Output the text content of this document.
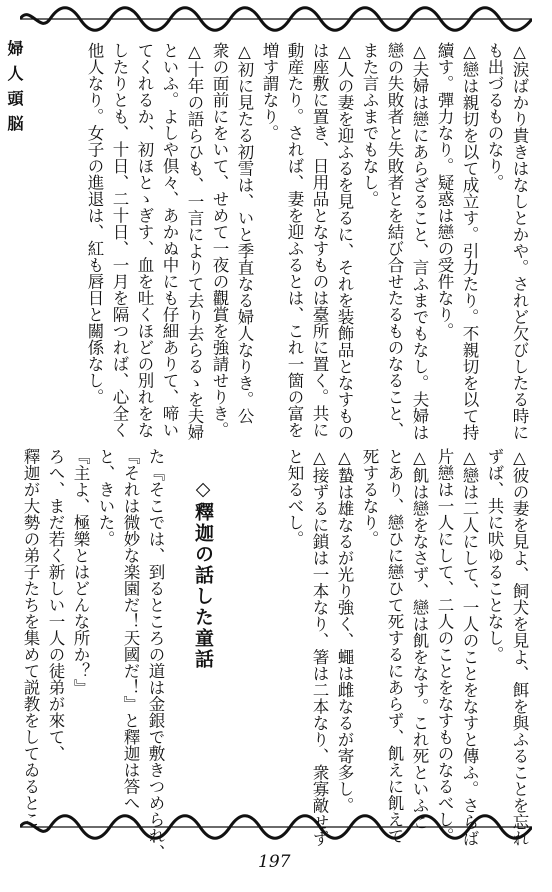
婦人頭脳	△涙ばかり貴きはなしとかや。されど欠びしたる時に

も出づるものなり。

△戀は親切を以て成立す。引力たり。不親切を以て持

續す。彈力なり。疑惑は戀の受件なり。

△夫婦は戀にあらざること、言ふまでもなし。夫婦は

戀の失敗者と失敗者とを結び合せたるものなること、

また言ふまでもなし。

△人の妻を迎ふるを見るに、それを装飾品となすもの

は座敷に置き、日用品となすものは臺所に置く。共に

動産たり。されば、妻を迎ふるとは、これ一箇の富を

増す謂なり。

△初に見たる初雪は、いと季直なる婦人なりき。公

衆の面前にをいて、せめて一夜の觀賞を強請せりき。

△十年の語らひも、一言によりて去り去らるゝを夫婦

といふ。よしや倶々、あかぬ中にも仔細ありて、啼い

てくれるか、初ほとゝぎす、血を吐くほどの別れをな

したりとも、十日、二十日、一月を隔つれば、心全く

他人なり。女子の進退は、紅も唇日と關係なし。

△彼の妻を見よ、飼犬を見よ、餌を與ふることを忘れ

ずば、共に吠ゆることなし。

△戀は二人にして、一人のことをなすと傳ふ。さらば

片戀は一人にして、二人のことをなすものなるべし。

△飢は戀をなさず、戀は飢をなす。これ死といふこ

とあり、戀ひに戀ひて死するにあらず、飢えに飢えて

死するなり。

△蟄は雄なるが光り強く、蠅は雌なるが寄多し。

△接ずるに鎖は一本なり、箸は二本なり、衆寡敵せず

と知るべし。

◇釋迦の話した童話

た『そこでは、到るところの道は金銀で敷きつめられ、

『それは微妙な楽園だ！天國だ！』と釋迦は答へ

と、きいた。

『主よ、極樂とはどんな所か？』

ろへ、まだ若く新しい一人の徒弟が來て、

釋迦が大勢の弟子たちを集めて説教をしてゐるとこ

197
